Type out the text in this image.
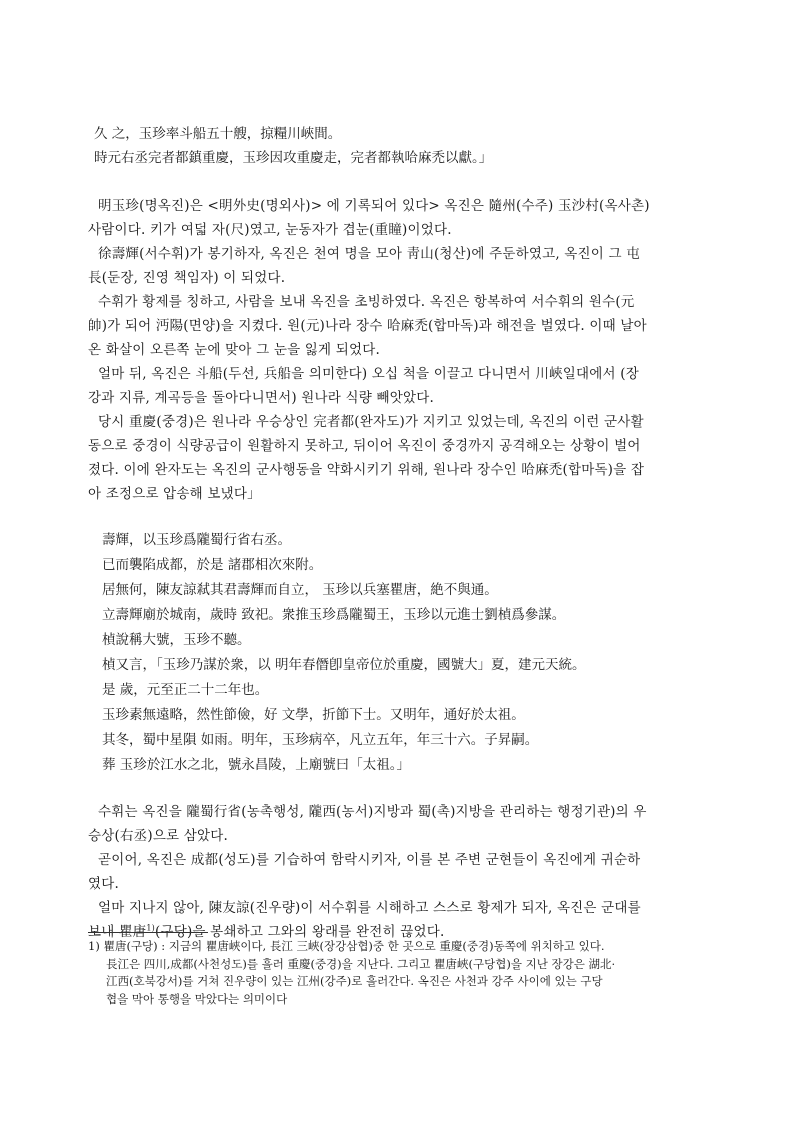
久 之，玉珍率斗船五十艘，掠糧川峽間。

時元右丞完者都鎮重慶，玉珍因攻重慶走，完者都執哈麻禿以獻。」

明玉珍(명옥진)은 <明外史(명외사)> 에 기록되어 있다> 옥진은 隨州(수주) 玉沙村(옥사촌)

사람이다. 키가 여덟 자(尺)였고, 눈동자가 겹눈(重瞳)이었다.

徐壽輝(서수휘)가 봉기하자, 옥진은 천여 명을 모아 靑山(청산)에 주둔하였고, 옥진이 그 屯

長(둔장, 진영 책임자) 이 되었다.

수휘가 황제를 칭하고, 사람을 보내 옥진을 초빙하였다. 옥진은 항복하여 서수휘의 원수(元

帥)가 되어 沔陽(면양)을 지켰다. 원(元)나라 장수 哈麻禿(합마독)과 해전을 벌였다. 이때 날아

온 화살이 오른쪽 눈에 맞아 그 눈을 잃게 되었다.

얼마 뒤, 옥진은 斗船(두선, 兵船을 의미한다) 오십 척을 이끌고 다니면서 川峽일대에서 (장

강과 지류, 계곡등을 돌아다니면서) 원나라 식량 빼앗았다.

당시 重慶(중경)은 원나라 우승상인 完者都(완자도)가 지키고 있었는데, 옥진의 이런 군사활

동으로 중경이 식량공급이 원활하지 못하고, 뒤이어 옥진이 중경까지 공격해오는 상황이 벌어

졌다. 이에 완자도는 옥진의 군사행동을 약화시키기 위해, 원나라 장수인 哈麻禿(합마독)을 잡

아 조정으로 압송해 보냈다」

壽輝，以玉珍爲隴蜀行省右丞。

已而襲陷成都，於是 諸郡相次來附。

居無何，陳友諒弒其君壽輝而自立， 玉珍以兵塞瞿唐，絶不與通。

立壽輝廟於城南，歲時 致祀。衆推玉珍爲隴蜀王，玉珍以元進士劉楨爲參謀。

楨說稱大號，玉珍不聽。

楨又言，「玉珍乃謀於衆，以 明年春僭卽皇帝位於重慶，國號大」夏，建元天統。

是 歲，元至正二十二年也。

玉珍素無遠略，然性節儉，好 文學，折節下士。又明年，通好於太祖。

其冬，蜀中星隕 如雨。明年，玉珍病卒，凡立五年，年三十六。子昇嗣。

葬 玉珍於江水之北，號永昌陵，上廟號曰「太祖。」

수휘는 옥진을 隴蜀行省(농촉행성, 隴西(농서)지방과 蜀(촉)지방을 관리하는 행정기관)의 우

승상(右丞)으로 삼았다.

곧이어, 옥진은 成都(성도)를 기습하여 함락시키자, 이를 본 주변 군현들이 옥진에게 귀순하

였다.

얼마 지나지 않아, 陳友諒(진우량)이 서수휘를 시해하고 스스로 황제가 되자, 옥진은 군대를

보내 瞿唐$^{1)}$(구당)을 봉쇄하고 그와의 왕래를 완전히 끊었다.

1) 瞿唐(구당) : 지금의 瞿唐峽이다, 長江 三峽(장강삼협)중 한 곳으로 重慶(중경)동쪽에 위치하고 있다.

長江은 四川,成都(사천성도)를 흘러 重慶(중경)을 지난다. 그리고 瞿唐峽(구당협)을 지난 장강은 湖北·

江西(호북강서)를 거쳐 진우량이 있는 江州(강주)로 흘러간다. 옥진은 사천과 강주 사이에 있는 구당

협을 막아 통행을 막았다는 의미이다
